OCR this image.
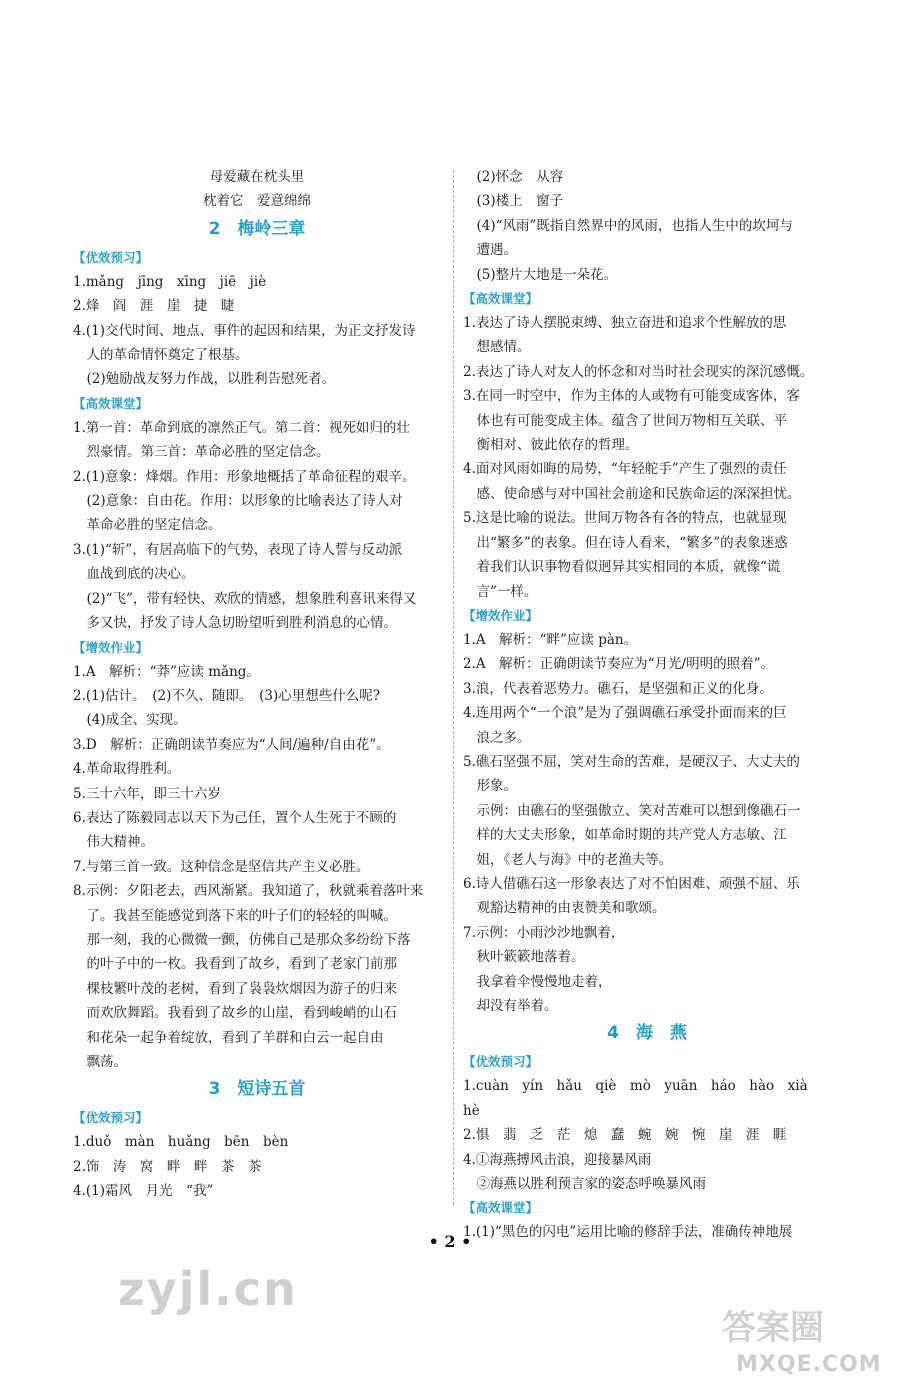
母爱藏在枕头里
枕着它　爱意绵绵
2　梅岭三章
【优效预习】
1.mǎng　jīng　xīng　jiē　jiè
2.烽　阎　涯　崖　捷　睫
4.(1)交代时间、地点、事件的起因和结果，为正文抒发诗
人的革命情怀奠定了根基。
(2)勉励战友努力作战，以胜利告慰死者。
【高效课堂】
1.第一首：革命到底的凛然正气。第二首：视死如归的壮
烈豪情。第三首：革命必胜的坚定信念。
2.(1)意象：烽烟。作用：形象地概括了革命征程的艰辛。
(2)意象：自由花。作用：以形象的比喻表达了诗人对
革命必胜的坚定信念。
3.(1)“斩”，有居高临下的气势，表现了诗人誓与反动派
血战到底的决心。
(2)“飞”，带有轻快、欢欣的情感，想象胜利喜讯来得又
多又快，抒发了诗人急切盼望听到胜利消息的心情。
【增效作业】
1.A　解析：“莽”应读 mǎng。
2.(1)估计。　(2)不久、随即。　(3)心里想些什么呢?
(4)成全、实现。
3.D　解析：正确朗读节奏应为“人间/遍种/自由花”。
4.革命取得胜利。
5.三十六年，即三十六岁
6.表达了陈毅同志以天下为己任，置个人生死于不顾的
伟大精神。
7.与第三首一致。这种信念是坚信共产主义必胜。
8.示例：夕阳老去，西风渐紧。我知道了，秋就乘着落叶来
了。我甚至能感觉到落下来的叶子们的轻轻的叫喊。
那一刻，我的心微微一颤，仿佛自己是那众多纷纷下落
的叶子中的一枚。我看到了故乡，看到了老家门前那
棵枝繁叶茂的老树，看到了袅袅炊烟因为游子的归来
而欢欣舞蹈。我看到了故乡的山崖，看到峻峭的山石
和花朵一起争着绽放，看到了羊群和白云一起自由
飘荡。
3　短诗五首
【优效预习】
1.duǒ　màn　huǎng　bēn　bèn
2.饰　涛　窝　畔　畔　茶　茶
4.(1)霜风　月光　“我”
(2)怀念　从容
(3)楼上　窗子
(4)“风雨”既指自然界中的风雨，也指人生中的坎坷与
遭遇。
(5)整片大地是一朵花。
【高效课堂】
1.表达了诗人摆脱束缚、独立奋进和追求个性解放的思
想感情。
2.表达了诗人对友人的怀念和对当时社会现实的深沉感慨。
3.在同一时空中，作为主体的人或物有可能变成客体，客
体也有可能变成主体。蕴含了世间万物相互关联、平
衡相对、彼此依存的哲理。
4.面对风雨如晦的局势，“年轻舵手”产生了强烈的责任
感、使命感与对中国社会前途和民族命运的深深担忧。
5.这是比喻的说法。世间万物各有各的特点，也就显现
出“繁多”的表象。但在诗人看来，“繁多”的表象迷惑
着我们认识事物看似迥异其实相同的本质，就像“谎
言”一样。
【增效作业】
1.A　解析：“畔”应读 pàn。
2.A　解析：正确朗读节奏应为“月光/明明的照着”。
3.浪，代表着恶势力。礁石，是坚强和正义的化身。
4.连用两个“一个浪”是为了强调礁石承受扑面而来的巨
浪之多。
5.礁石坚强不屈，笑对生命的苦难，是硬汉子、大丈夫的
形象。
示例：由礁石的坚强傲立、笑对苦难可以想到像礁石一
样的大丈夫形象，如革命时期的共产党人方志敏、江
姐，《老人与海》中的老渔夫等。
6.诗人借礁石这一形象表达了对不怕困难、顽强不屈、乐
观豁达精神的由衷赞美和歌颂。
7.示例：小雨沙沙地飘着，
秋叶簌簌地落着。
我拿着伞慢慢地走着，
却没有举着。
4　海　燕
【优效预习】
1.cuàn　yín　hǎu　qiè　mò　yuān　háo　hào　xià　hè
2.惧　翡　乏　茫　熄　蠢　蜿　婉　惋　崖　涯　睚
4.①海燕搏风击浪，迎接暴风雨
②海燕以胜利预言家的姿态呼唤暴风雨
【高效课堂】
1.(1)“黑色的闪电”运用比喻的修辞手法，准确传神地展
• 2 •
zyjl.cn
答案圈
MXQE.COM
